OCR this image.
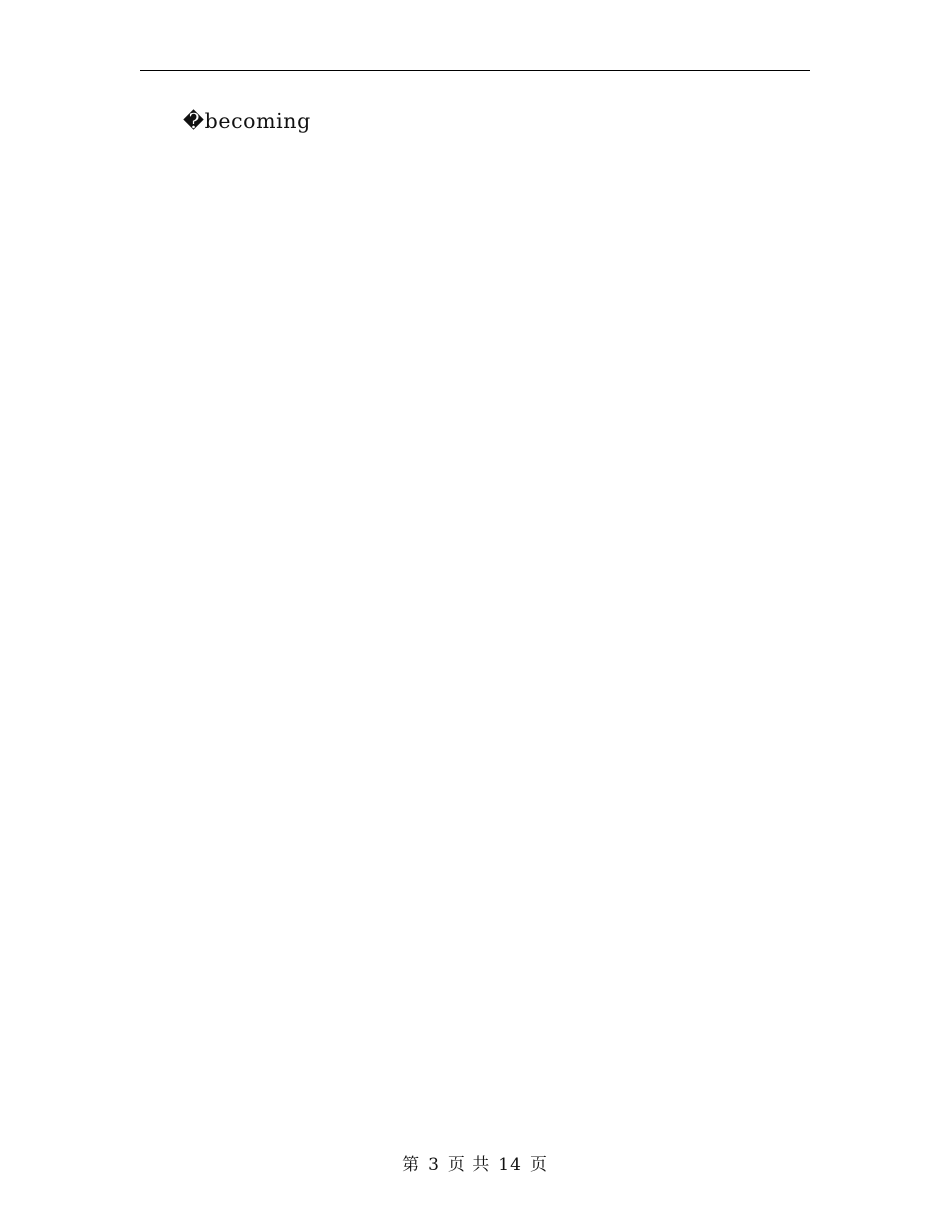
�becoming

第 3 页 共 14 页
